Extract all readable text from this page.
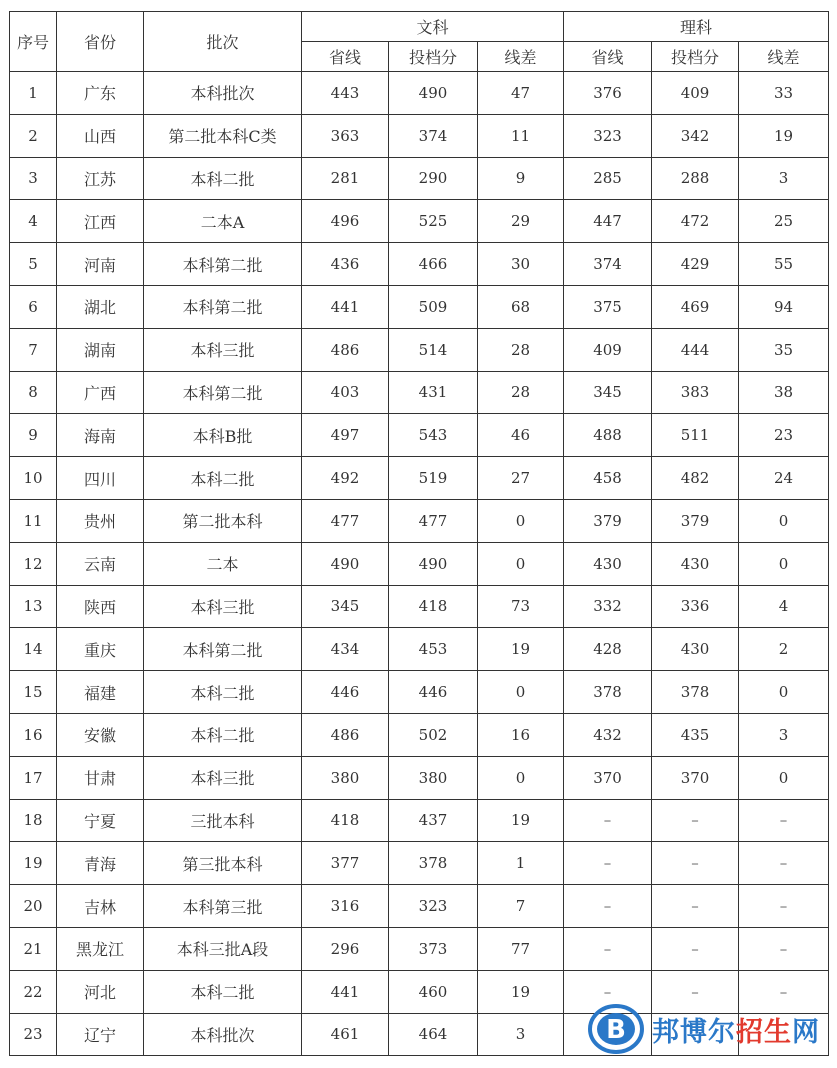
序号	省份	批次	文科			理科		
			省线	投档分	线差	省线	投档分	线差
1	广东	本科批次	443	490	47	376	409	33
2	山西	第二批本科C类	363	374	11	323	342	19
3	江苏	本科二批	281	290	9	285	288	3
4	江西	二本A	496	525	29	447	472	25
5	河南	本科第二批	436	466	30	374	429	55
6	湖北	本科第二批	441	509	68	375	469	94
7	湖南	本科三批	486	514	28	409	444	35
8	广西	本科第二批	403	431	28	345	383	38
9	海南	本科B批	497	543	46	488	511	23
10	四川	本科二批	492	519	27	458	482	24
11	贵州	第二批本科	477	477	0	379	379	0
12	云南	二本	490	490	0	430	430	0
13	陕西	本科三批	345	418	73	332	336	4
14	重庆	本科第二批	434	453	19	428	430	2
15	福建	本科二批	446	446	0	378	378	0
16	安徽	本科二批	486	502	16	432	435	3
17	甘肃	本科三批	380	380	0	370	370	0
18	宁夏	三批本科	418	437	19	–	–	–
19	青海	第三批本科	377	378	1	–	–	–
20	吉林	本科第三批	316	323	7	–	–	–
21	黑龙江	本科三批A段	296	373	77	–	–	–
22	河北	本科二批	441	460	19	–	–	–
23	辽宁	本科批次	461	464	3				B 邦博尔招生网
